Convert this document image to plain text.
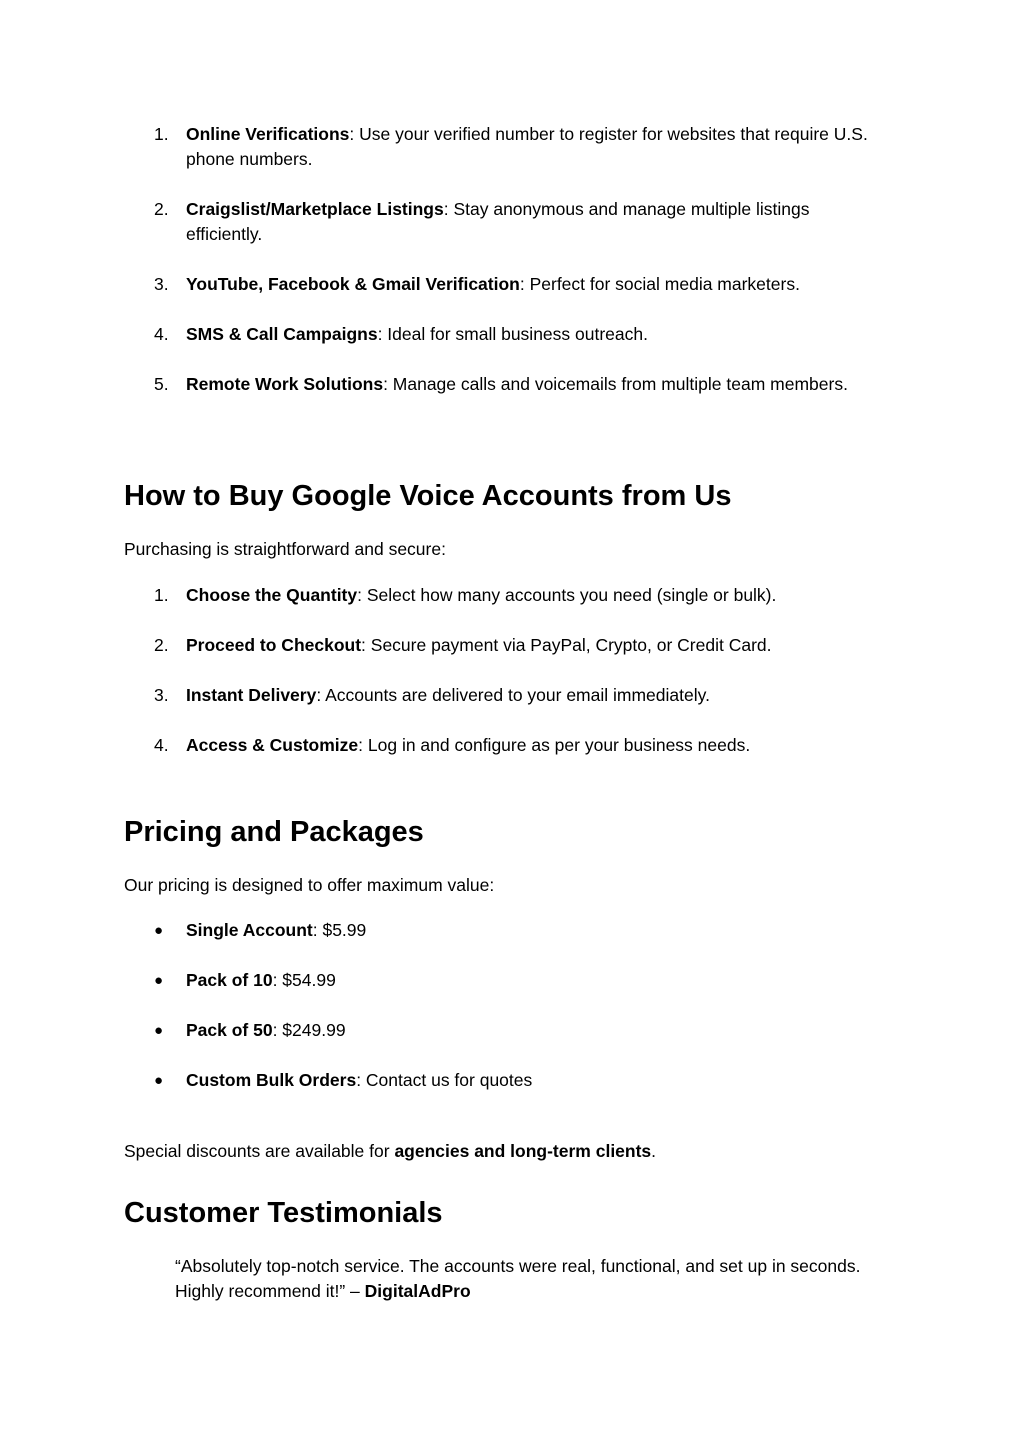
1. Online Verifications: Use your verified number to register for websites that require U.S. phone numbers.
2. Craigslist/Marketplace Listings: Stay anonymous and manage multiple listings efficiently.
3. YouTube, Facebook & Gmail Verification: Perfect for social media marketers.
4. SMS & Call Campaigns: Ideal for small business outreach.
5. Remote Work Solutions: Manage calls and voicemails from multiple team members.
How to Buy Google Voice Accounts from Us

Purchasing is straightforward and secure:

1. Choose the Quantity: Select how many accounts you need (single or bulk).
2. Proceed to Checkout: Secure payment via PayPal, Crypto, or Credit Card.
3. Instant Delivery: Accounts are delivered to your email immediately.
4. Access & Customize: Log in and configure as per your business needs.
Pricing and Packages

Our pricing is designed to offer maximum value:

● Single Account: $5.99
● Pack of 10: $54.99
● Pack of 50: $249.99
● Custom Bulk Orders: Contact us for quotes

Special discounts are available for agencies and long-term clients.

Customer Testimonials

“Absolutely top-notch service. The accounts were real, functional, and set up in seconds. Highly recommend it!” – DigitalAdPro
